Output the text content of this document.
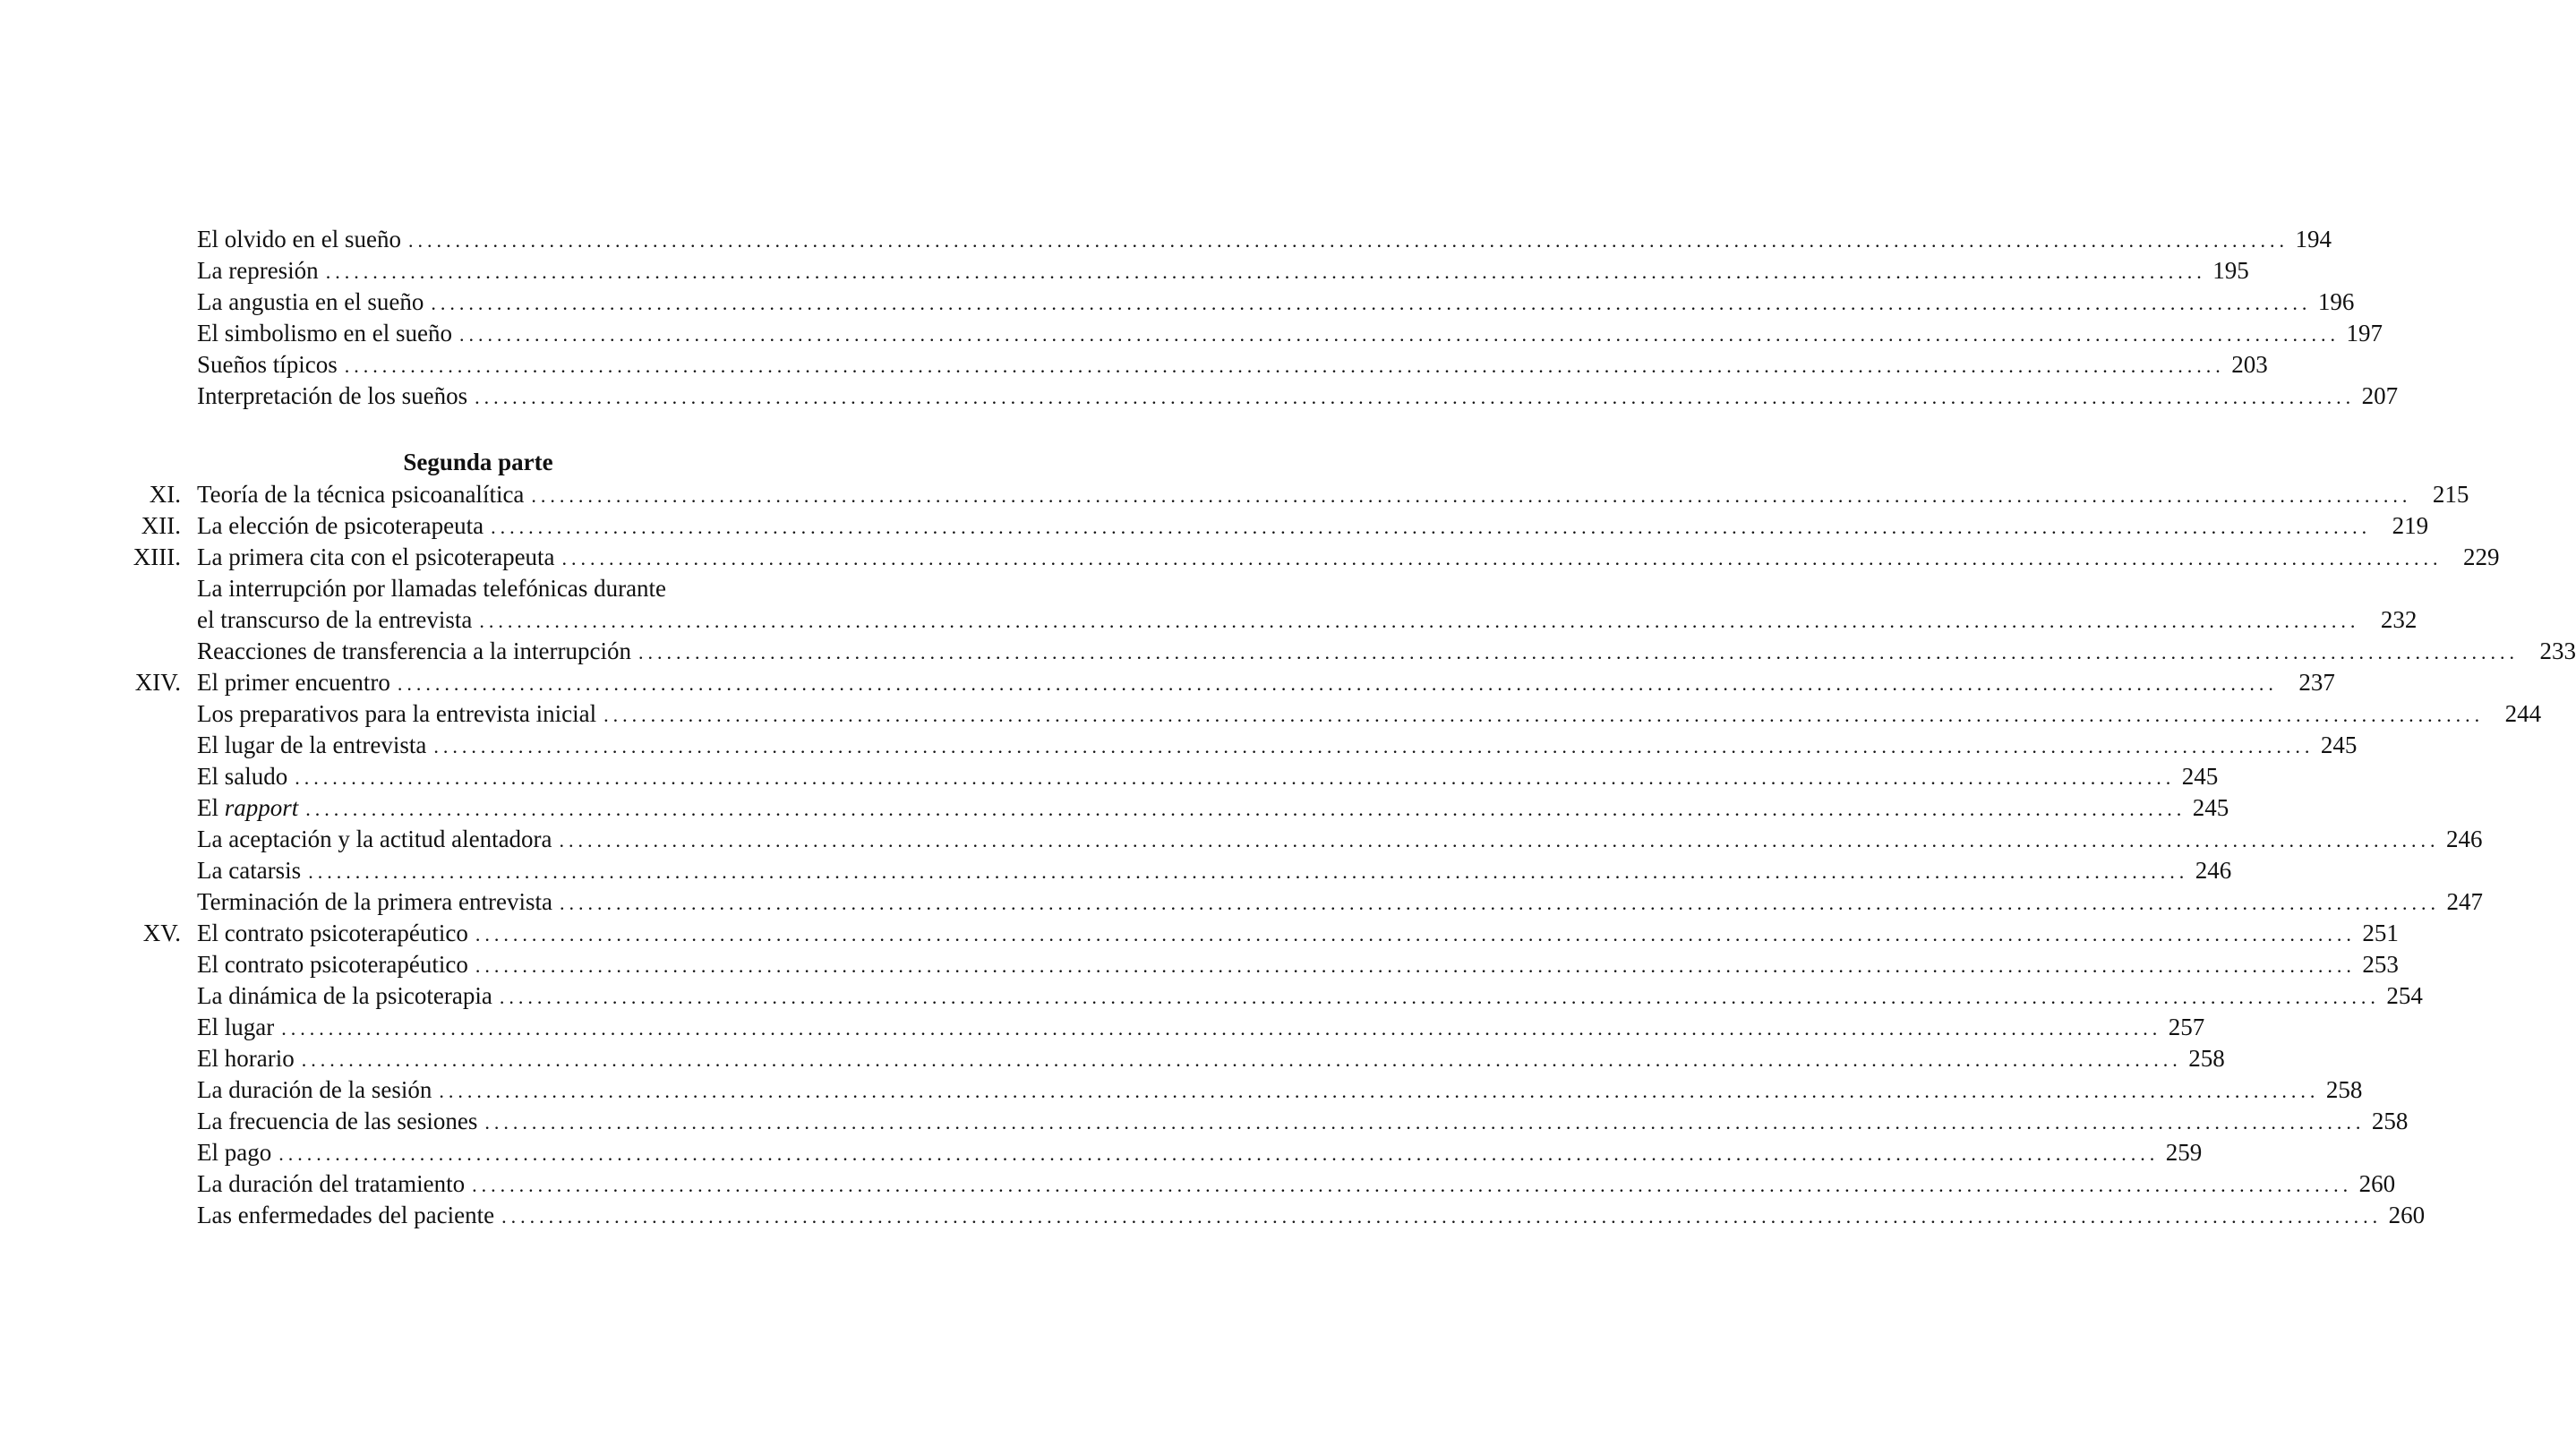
El olvido en el sueño ........................................................................................................................................................................................................ 194
La represión ........................................................................................................................................................................................................ 195
La angustia en el sueño ........................................................................................................................................................................................................ 196
El simbolismo en el sueño ........................................................................................................................................................................................................ 197
Sueños típicos ........................................................................................................................................................................................................ 203
Interpretación de los sueños ........................................................................................................................................................................................................ 207
Segunda parte
XI. Teoría de la técnica psicoanalítica ........................................................................................................................................................................................................ 215
XII. La elección de psicoterapeuta ........................................................................................................................................................................................................ 219
XIII. La primera cita con el psicoterapeuta ........................................................................................................................................................................................................ 229
La interrupción por llamadas telefónicas durante
el transcurso de la entrevista ........................................................................................................................................................................................................ 232
Reacciones de transferencia a la interrupción ........................................................................................................................................................................................................ 233
XIV. El primer encuentro ........................................................................................................................................................................................................ 237
Los preparativos para la entrevista inicial ........................................................................................................................................................................................................ 244
El lugar de la entrevista ........................................................................................................................................................................................................ 245
El saludo ........................................................................................................................................................................................................ 245
El rapport ........................................................................................................................................................................................................ 245
La aceptación y la actitud alentadora ........................................................................................................................................................................................................ 246
La catarsis ........................................................................................................................................................................................................ 246
Terminación de la primera entrevista ........................................................................................................................................................................................................ 247
XV. El contrato psicoterapéutico ........................................................................................................................................................................................................ 251
El contrato psicoterapéutico ........................................................................................................................................................................................................ 253
La dinámica de la psicoterapia ........................................................................................................................................................................................................ 254
El lugar ........................................................................................................................................................................................................ 257
El horario ........................................................................................................................................................................................................ 258
La duración de la sesión ........................................................................................................................................................................................................ 258
La frecuencia de las sesiones ........................................................................................................................................................................................................ 258
El pago ........................................................................................................................................................................................................ 259
La duración del tratamiento ........................................................................................................................................................................................................ 260
Las enfermedades del paciente ........................................................................................................................................................................................................ 260
